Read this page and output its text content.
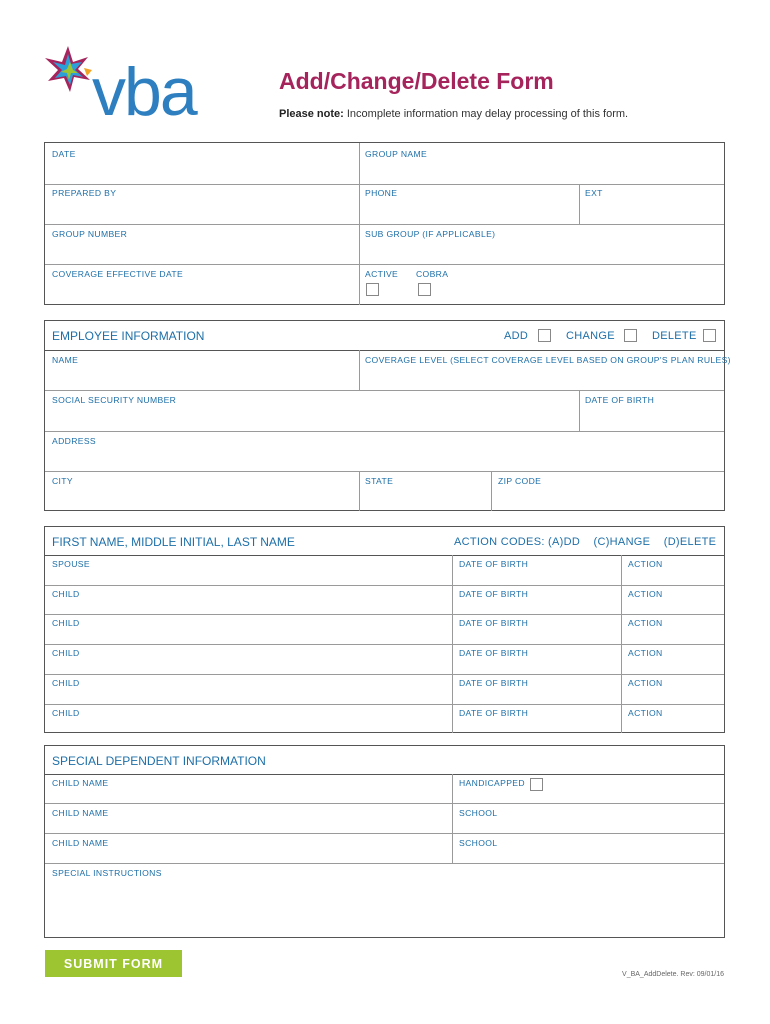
vba	Add/Change/Delete Form
Please note: Incomplete information may delay processing of this form.
DATE	GROUP NAME
PREPARED BY	PHONE	EXT
GROUP NUMBER	SUB GROUP (IF APPLICABLE)
COVERAGE EFFECTIVE DATE	ACTIVE COBRA
EMPLOYEE INFORMATION	ADD	CHANGE	DELETE
NAME	COVERAGE LEVEL (SELECT COVERAGE LEVEL BASED ON GROUP'S PLAN RULES)
SOCIAL SECURITY NUMBER	DATE OF BIRTH
ADDRESS
CITY	STATE	ZIP CODE
FIRST NAME, MIDDLE INITIAL, LAST NAME	ACTION CODES: (A)DD    (C)HANGE    (D)ELETE
SPOUSE	DATE OF BIRTH	ACTION
CHILD	DATE OF BIRTH	ACTION
CHILD	DATE OF BIRTH	ACTION
CHILD	DATE OF BIRTH	ACTION
CHILD	DATE OF BIRTH	ACTION
CHILD	DATE OF BIRTH	ACTION
SPECIAL DEPENDENT INFORMATION
CHILD NAME	HANDICAPPED
CHILD NAME	SCHOOL
CHILD NAME	SCHOOL
SPECIAL INSTRUCTIONS
SUBMIT FORM
V_BA_AddDelete. Rev: 09/01/16
